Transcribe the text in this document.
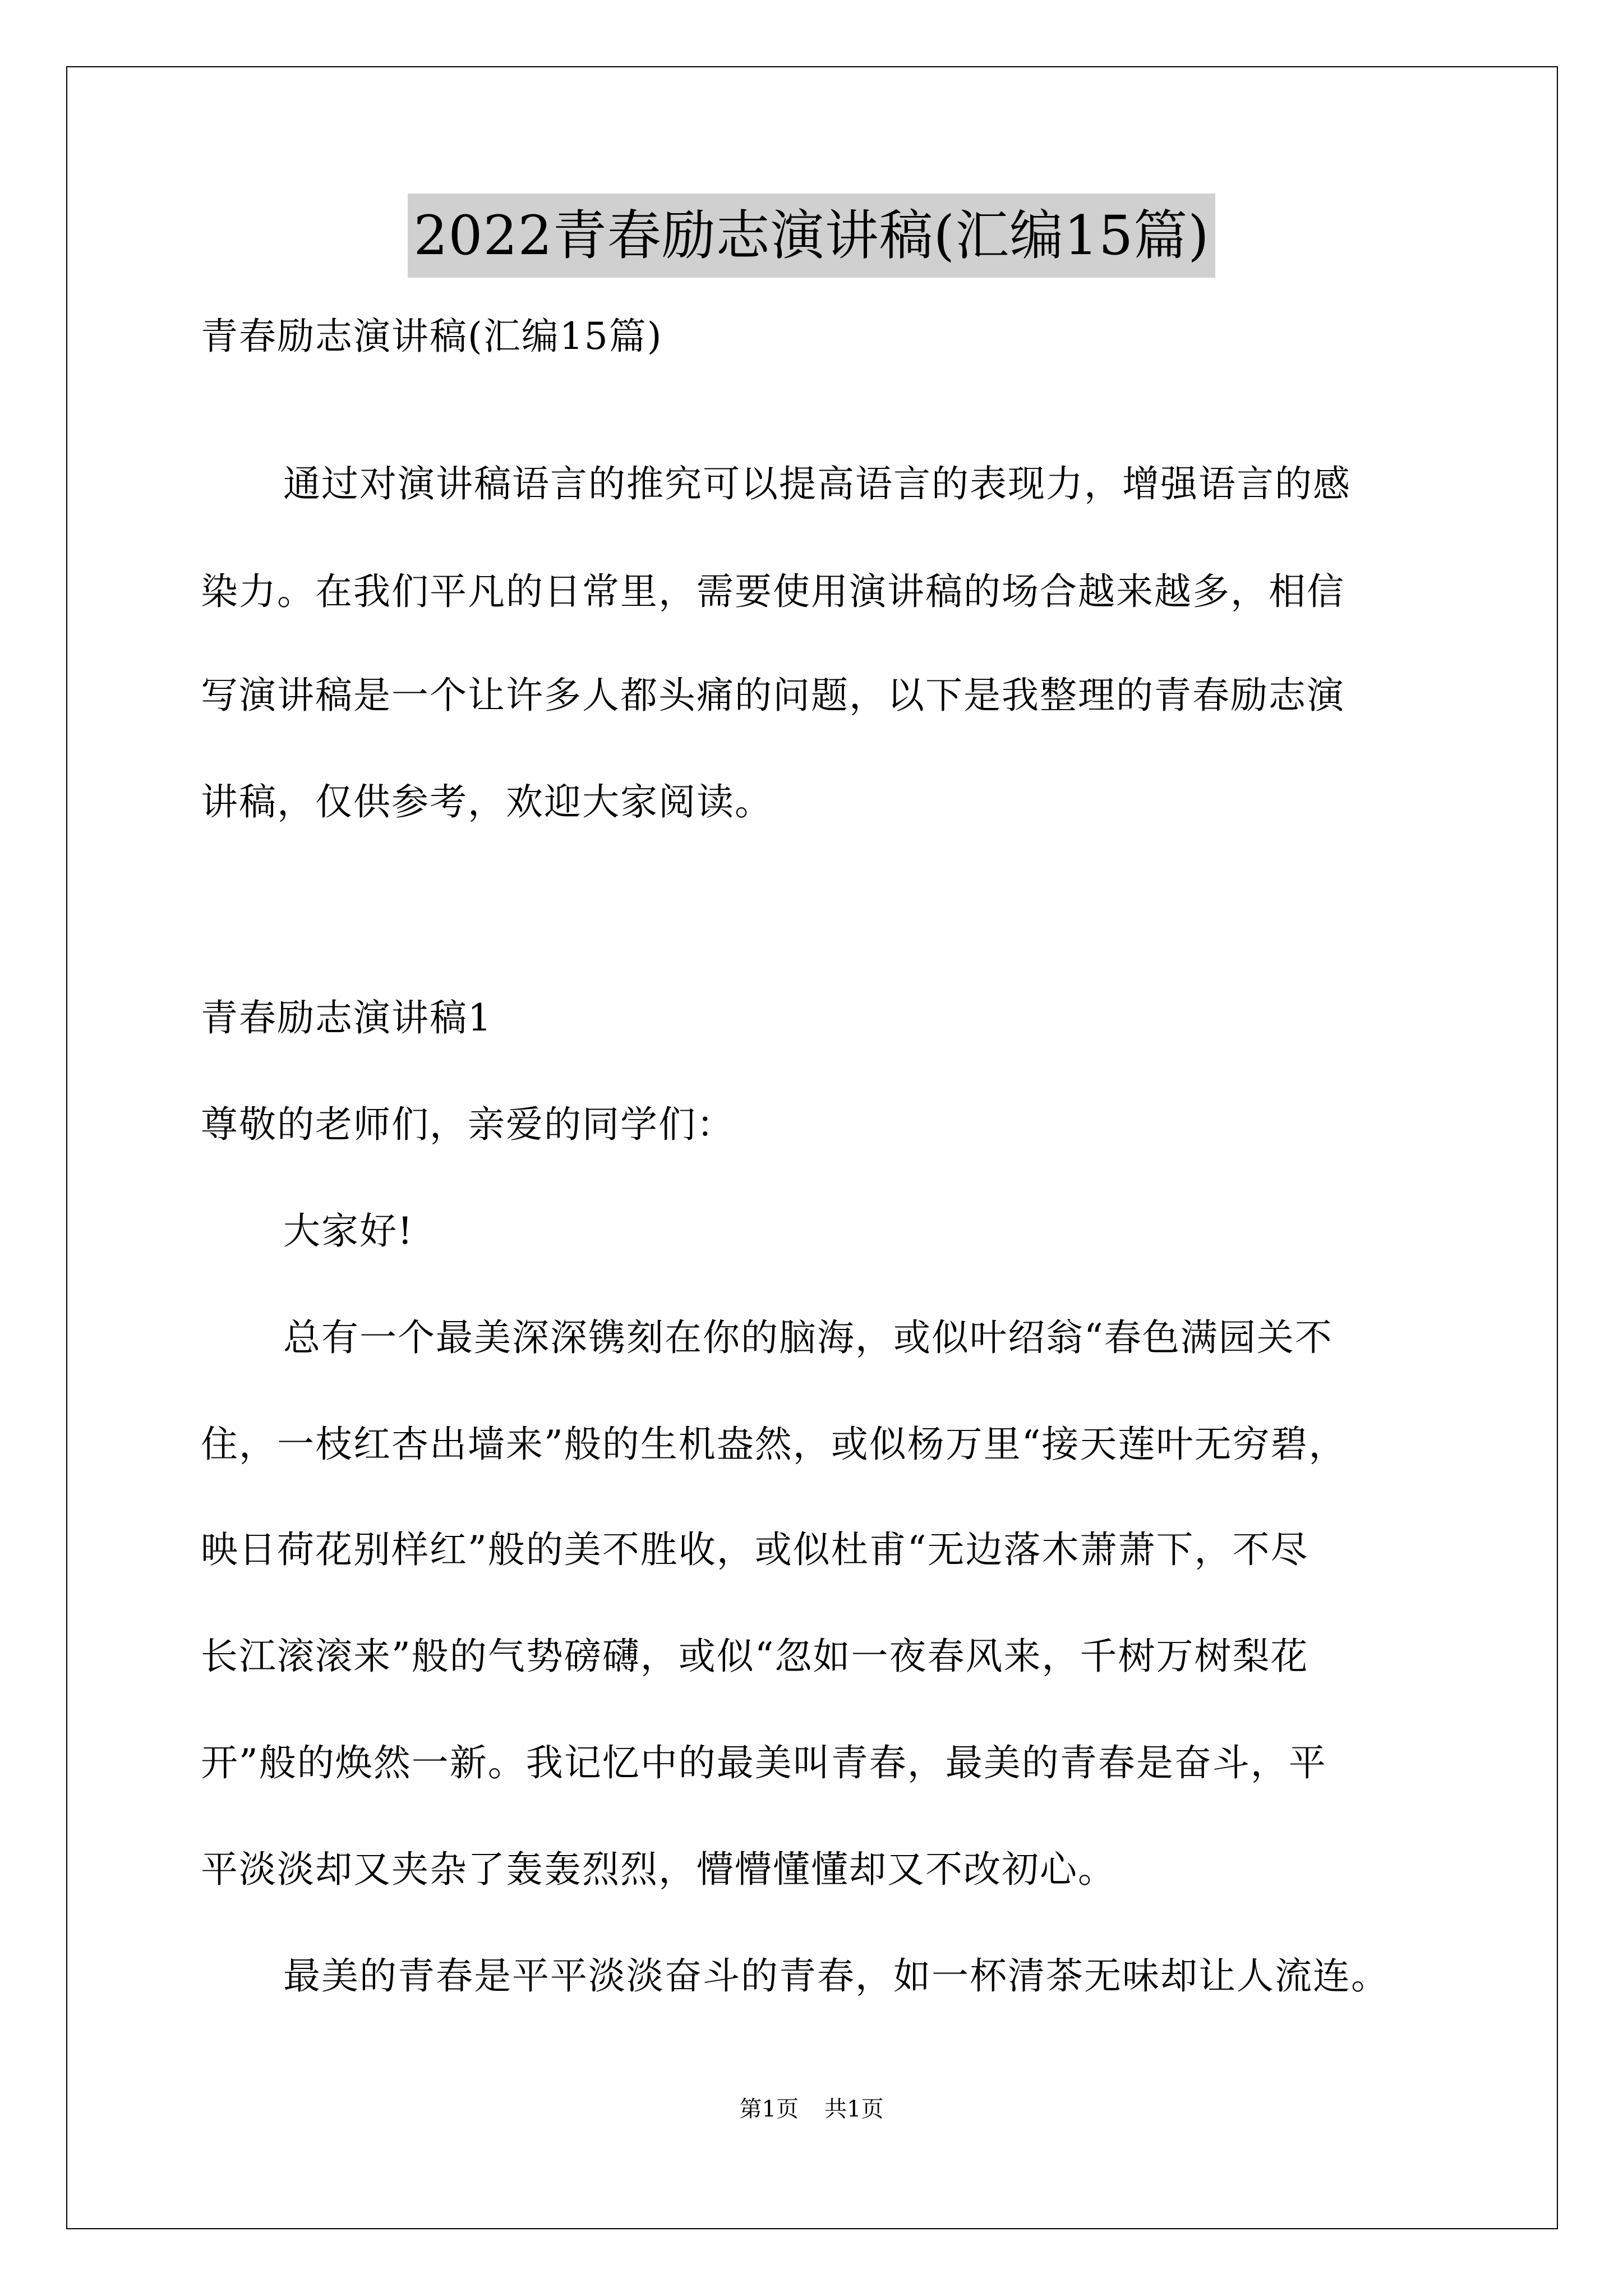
2022青春励志演讲稿(汇编15篇)
青春励志演讲稿(汇编15篇)
通过对演讲稿语言的推究可以提高语言的表现力，增强语言的感
染力。在我们平凡的日常里，需要使用演讲稿的场合越来越多，相信
写演讲稿是一个让许多人都头痛的问题，以下是我整理的青春励志演
讲稿，仅供参考，欢迎大家阅读。
青春励志演讲稿1
尊敬的老师们，亲爱的同学们：
大家好!
总有一个最美深深镌刻在你的脑海，或似叶绍翁“春色满园关不
住，一枝红杏出墙来”般的生机盎然，或似杨万里“接天莲叶无穷碧，
映日荷花别样红”般的美不胜收，或似杜甫“无边落木萧萧下，不尽
长江滚滚来”般的气势磅礴，或似“忽如一夜春风来，千树万树梨花
开”般的焕然一新。我记忆中的最美叫青春，最美的青春是奋斗，平
平淡淡却又夹杂了轰轰烈烈，懵懵懂懂却又不改初心。
最美的青春是平平淡淡奋斗的青春，如一杯清茶无味却让人流连。
第1页 共1页
